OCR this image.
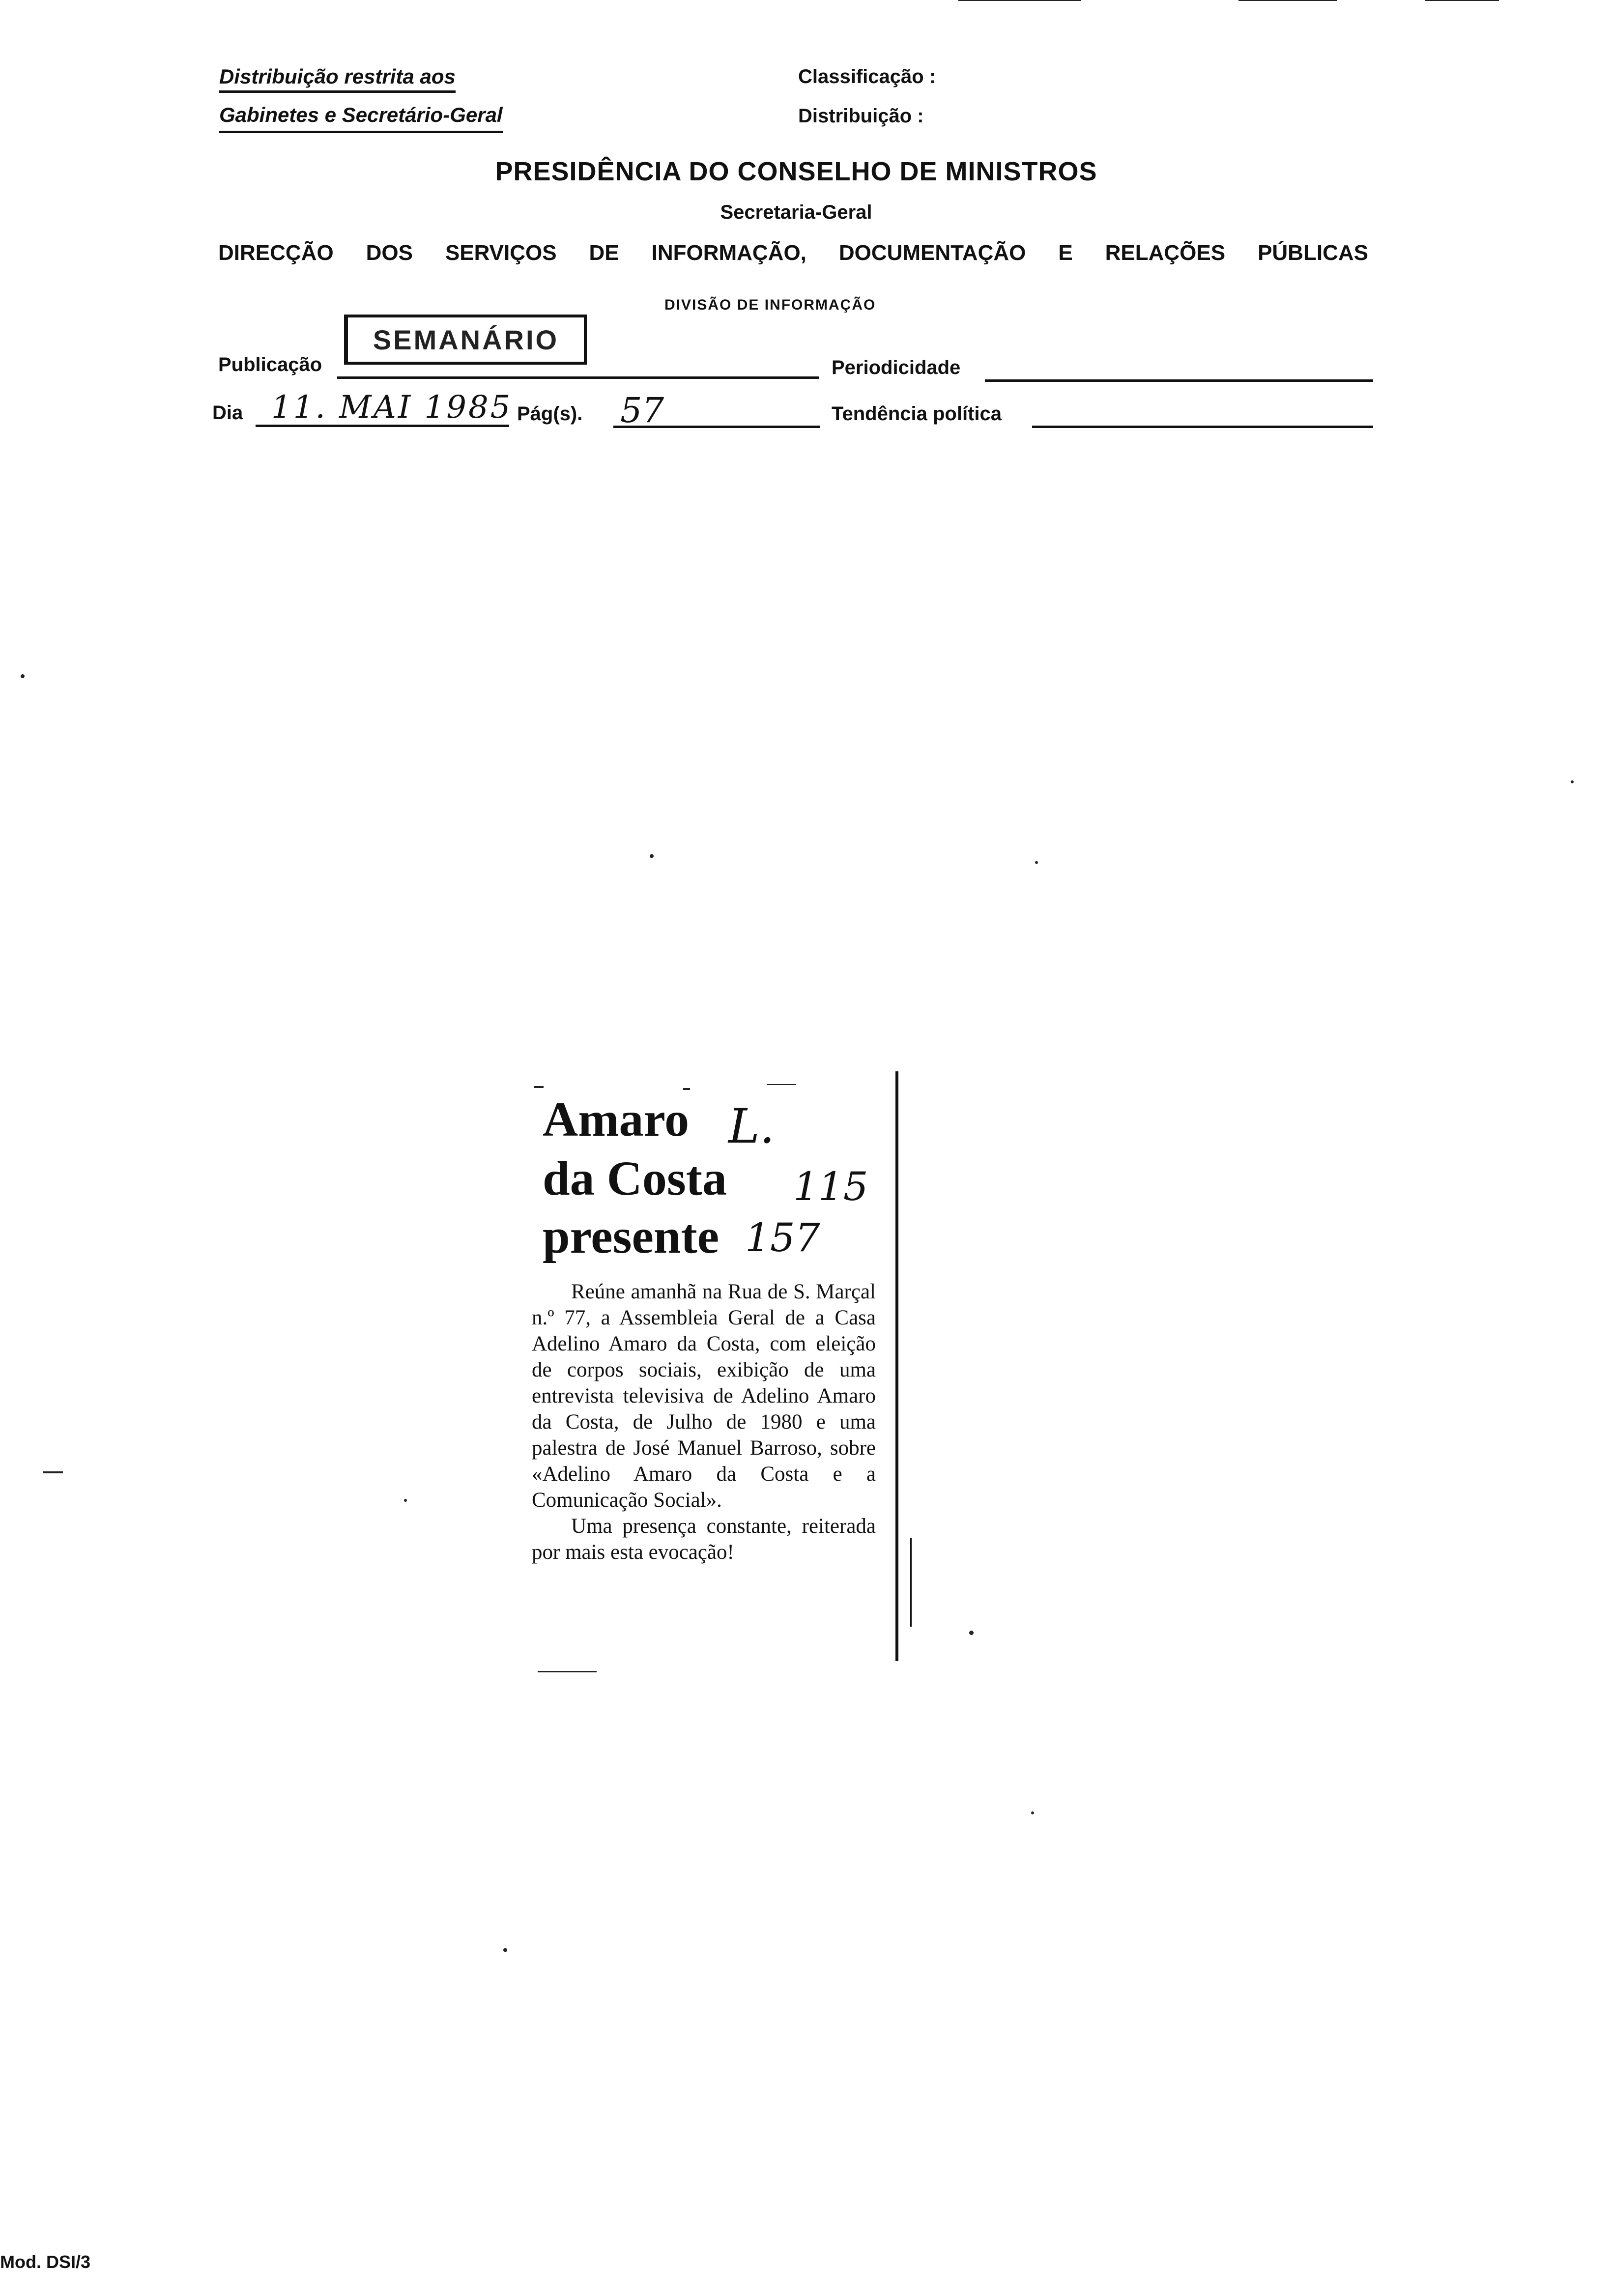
Distribuição restrita aos
Gabinetes e Secretário-Geral
Classificação :
Distribuição :
PRESIDÊNCIA DO CONSELHO DE MINISTROS
Secretaria-Geral
DIRECÇÃO DOS SERVIÇOS DE INFORMAÇÃO, DOCUMENTAÇÃO E RELAÇÕES PÚBLICAS
DIVISÃO DE INFORMAÇÃO
SEMANÁRIO
Publicação	Periodicidade
Dia 11. MAI 1985 Pág(s). 57	Tendência política
Amaro
da Costa
presente
L.
115
157

Reúne amanhã na Rua de S. Marçal n.º 77, a Assembleia Geral de a Casa Adelino Amaro da Costa, com eleição de corpos sociais, exibição de uma entrevista televisiva de Adelino Amaro da Costa, de Julho de 1980 e uma palestra de José Manuel Barroso, sobre «Adelino Amaro da Costa e a Comunicação Social».

Uma presença constante, reiterada por mais esta evocação!

Mod. DSI/3
